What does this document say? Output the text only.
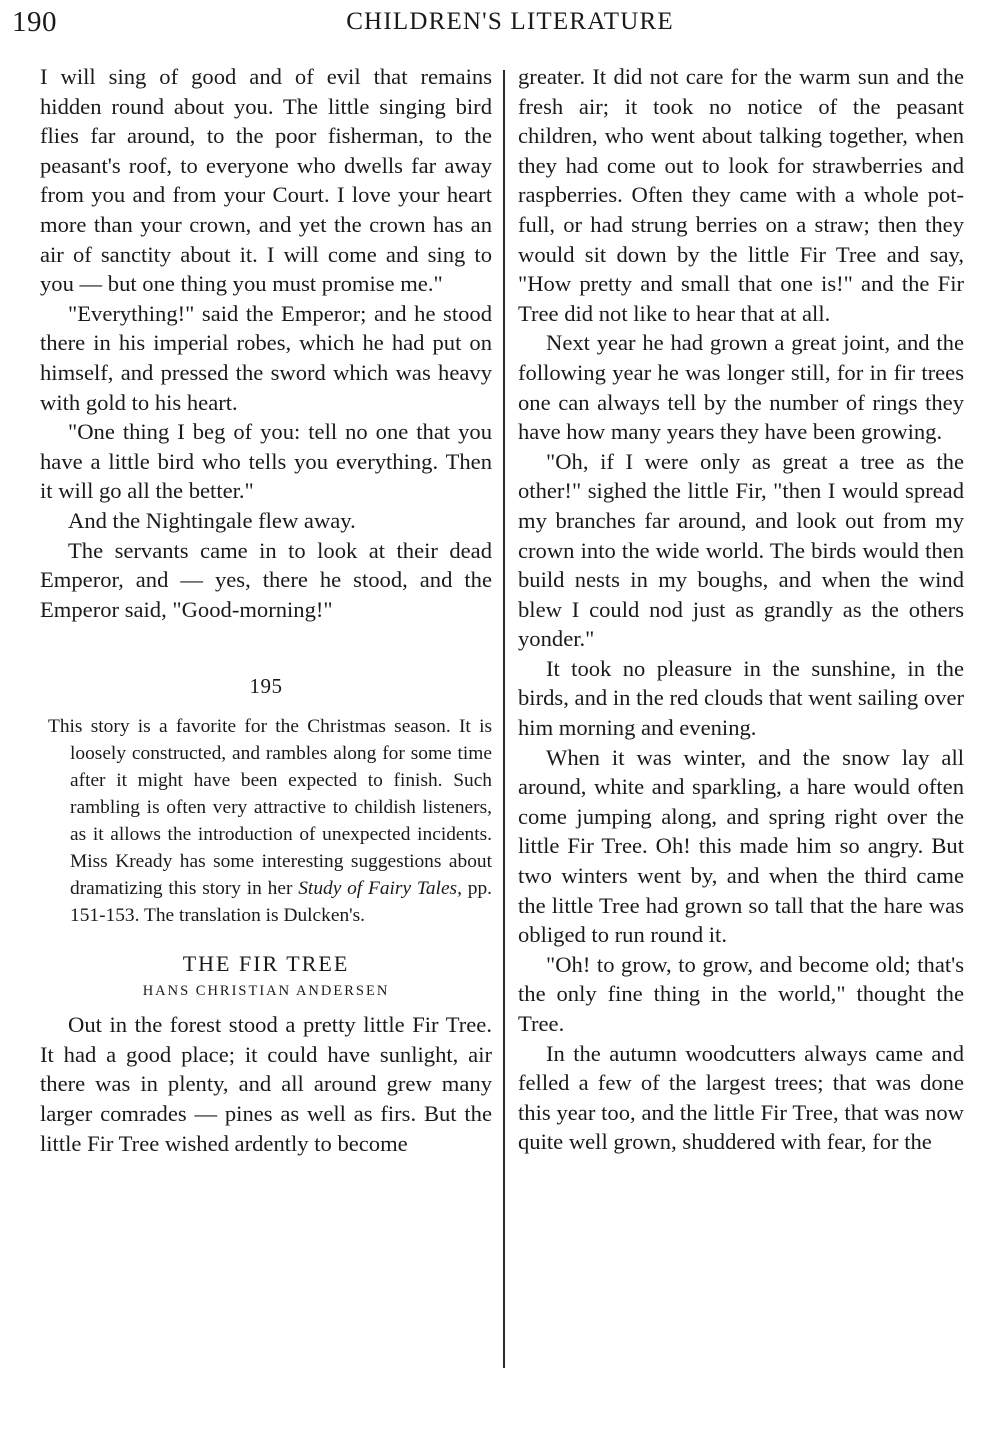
190	CHILDREN'S LITERATURE

I will sing of good and of evil that remains hidden round about you. The little singing bird flies far around, to the poor fisherman, to the peasant's roof, to everyone who dwells far away from you and from your Court. I love your heart more than your crown, and yet the crown has an air of sanctity about it. I will come and sing to you — but one thing you must promise me."

"Everything!" said the Emperor; and he stood there in his imperial robes, which he had put on himself, and pressed the sword which was heavy with gold to his heart.

"One thing I beg of you: tell no one that you have a little bird who tells you everything. Then it will go all the better."

And the Nightingale flew away.

The servants came in to look at their dead Emperor, and — yes, there he stood, and the Emperor said, "Good-morning!"

195

This story is a favorite for the Christmas season. It is loosely constructed, and rambles along for some time after it might have been expected to finish. Such rambling is often very attractive to childish listeners, as it allows the introduction of unexpected incidents. Miss Kready has some interesting suggestions about dramatizing this story in her Study of Fairy Tales, pp. 151-153. The translation is Dulcken's.

THE FIR TREE
HANS CHRISTIAN ANDERSEN

Out in the forest stood a pretty little Fir Tree. It had a good place; it could have sunlight, air there was in plenty, and all around grew many larger comrades — pines as well as firs. But the little Fir Tree wished ardently to become

greater. It did not care for the warm sun and the fresh air; it took no notice of the peasant children, who went about talking together, when they had come out to look for strawberries and raspberries. Often they came with a whole pot-full, or had strung berries on a straw; then they would sit down by the little Fir Tree and say, "How pretty and small that one is!" and the Fir Tree did not like to hear that at all.

Next year he had grown a great joint, and the following year he was longer still, for in fir trees one can always tell by the number of rings they have how many years they have been growing.

"Oh, if I were only as great a tree as the other!" sighed the little Fir, "then I would spread my branches far around, and look out from my crown into the wide world. The birds would then build nests in my boughs, and when the wind blew I could nod just as grandly as the others yonder."

It took no pleasure in the sunshine, in the birds, and in the red clouds that went sailing over him morning and evening.

When it was winter, and the snow lay all around, white and sparkling, a hare would often come jumping along, and spring right over the little Fir Tree. Oh! this made him so angry. But two winters went by, and when the third came the little Tree had grown so tall that the hare was obliged to run round it.

"Oh! to grow, to grow, and become old; that's the only fine thing in the world," thought the Tree.

In the autumn woodcutters always came and felled a few of the largest trees; that was done this year too, and the little Fir Tree, that was now quite well grown, shuddered with fear, for the
